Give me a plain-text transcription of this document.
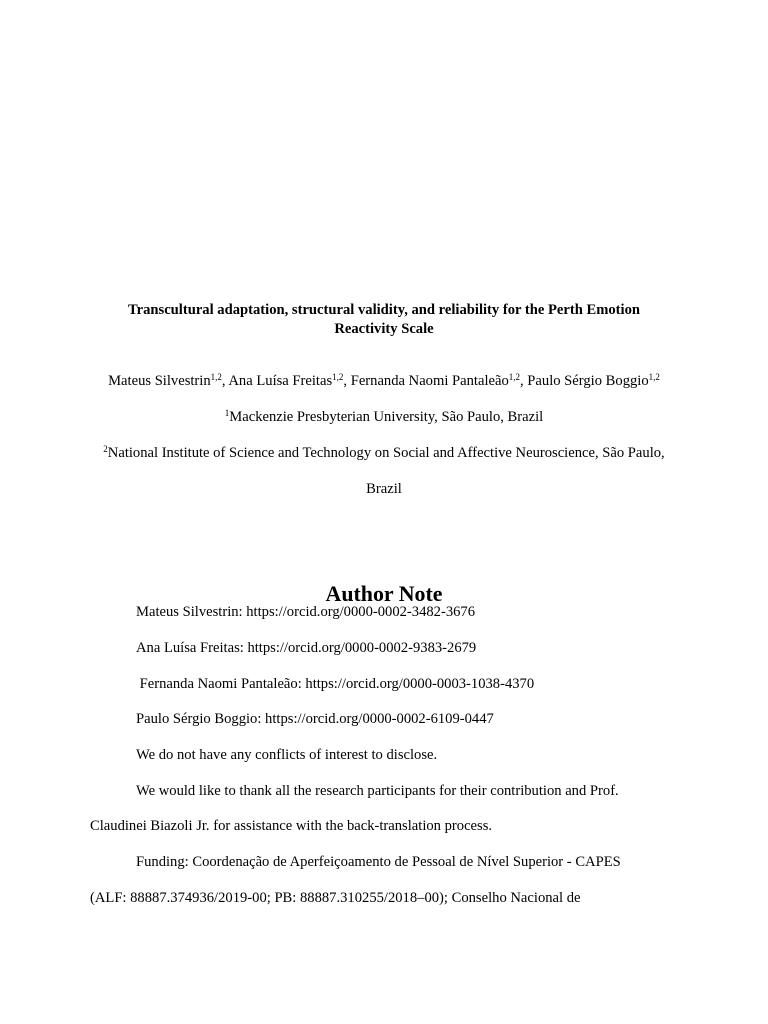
Transcultural adaptation, structural validity, and reliability for the Perth Emotion
Reactivity Scale

Mateus Silvestrin$^{1,2}$, Ana Luísa Freitas$^{1,2}$, Fernanda Naomi Pantaleão$^{1,2}$, Paulo Sérgio Boggio$^{1,2}$

$^1$Mackenzie Presbyterian University, São Paulo, Brazil

$^2$National Institute of Science and Technology on Social and Affective Neuroscience, São Paulo,

Brazil

Author Note

Mateus Silvestrin: https://orcid.org/0000-0002-3482-3676

Ana Luísa Freitas: https://orcid.org/0000-0002-9383-2679

Fernanda Naomi Pantaleão: https://orcid.org/0000-0003-1038-4370

Paulo Sérgio Boggio: https://orcid.org/0000-0002-6109-0447

We do not have any conflicts of interest to disclose.

We would like to thank all the research participants for their contribution and Prof.

Claudinei Biazoli Jr. for assistance with the back-translation process.

Funding: Coordenação de Aperfeiçoamento de Pessoal de Nível Superior - CAPES

(ALF: 88887.374936/2019-00; PB: 88887.310255/2018–00); Conselho Nacional de
